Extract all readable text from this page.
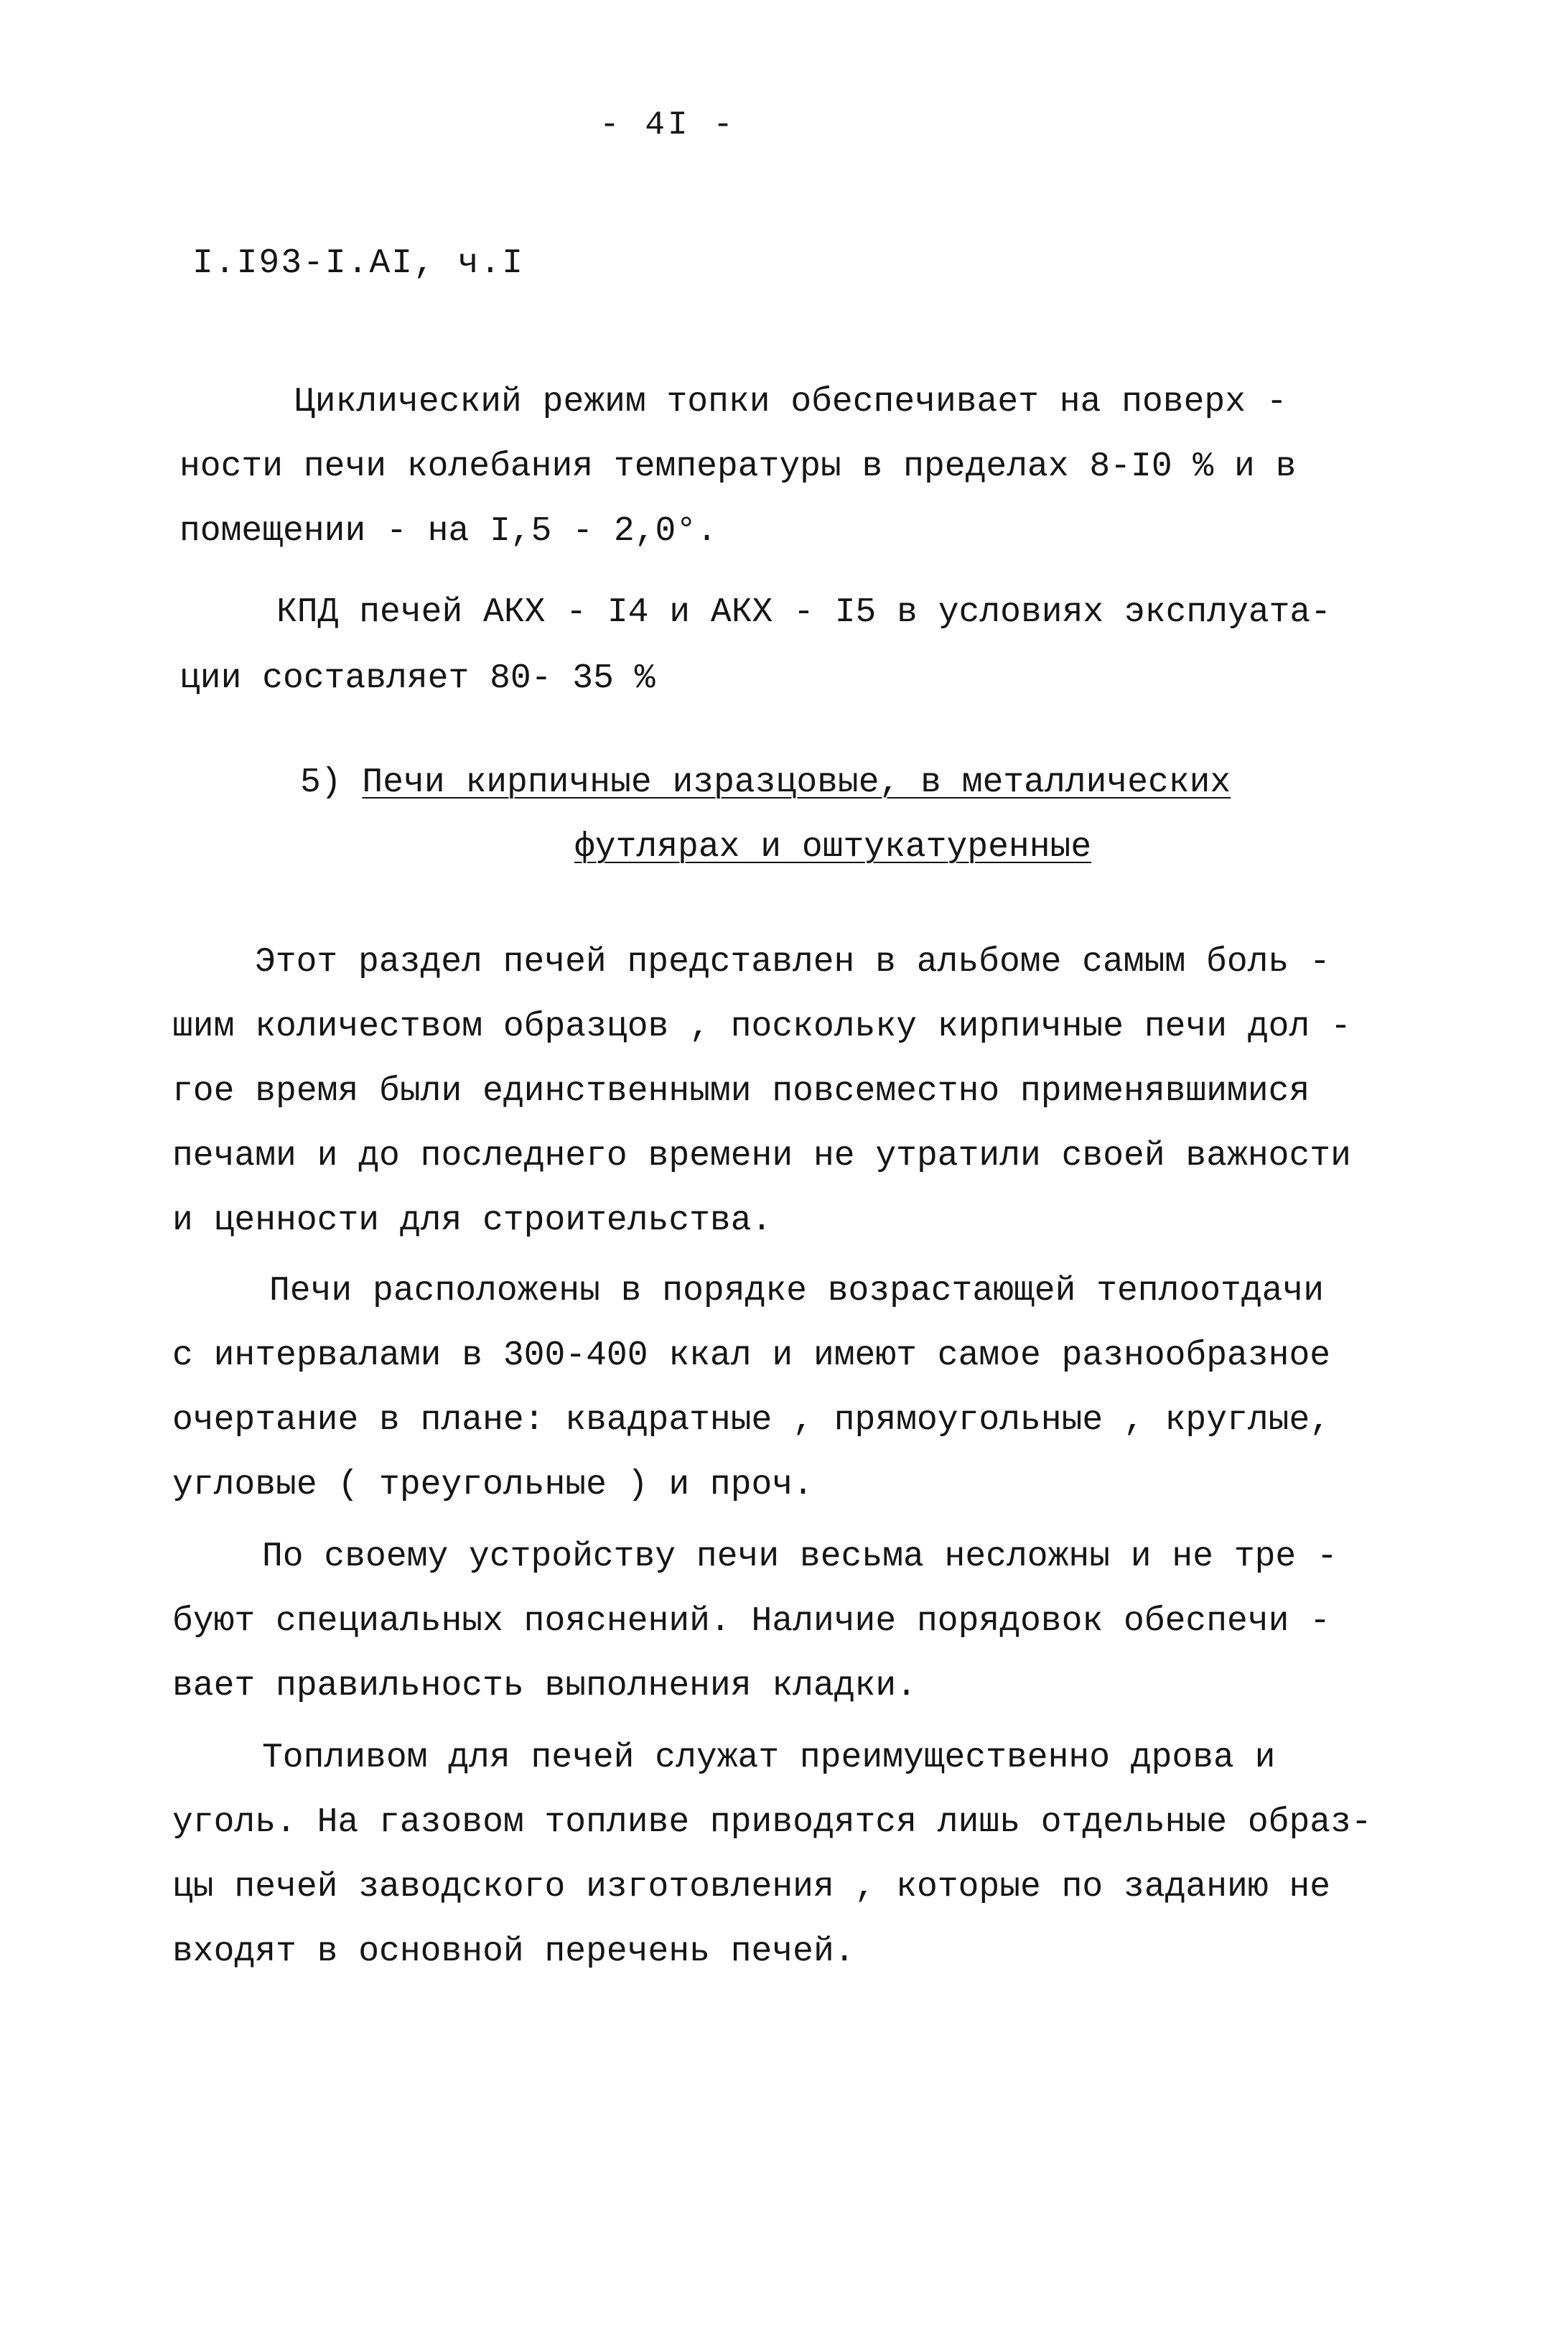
- 4I -
I.I93-I.AI, ч.I
Циклический режим топки обеспечивает на поверх -
ности печи колебания температуры в пределах 8-I0 % и в
помещении - на I,5 - 2,0°.
КПД печей АКХ - I4 и АКХ - I5 в условиях эксплуата-
ции составляет 80- 35 %
5) Печи кирпичные изразцовые, в металлических
футлярах и оштукатуренные
Этот раздел печей представлен в альбоме самым боль -
шим количеством образцов , поскольку кирпичные печи дол -
гое время были единственными повсеместно применявшимися
печами и до последнего времени не утратили своей важности
и ценности для строительства.
Печи расположены в порядке возрастающей теплоотдачи
с интервалами в 300-400 ккал и имеют самое разнообразное
очертание в плане: квадратные , прямоугольные , круглые,
угловые ( треугольные ) и проч.
По своему устройству печи весьма несложны и не тре -
буют специальных пояснений. Наличие порядовок обеспечи -
вает правильность выполнения кладки.
Топливом для печей служат преимущественно дрова и
уголь. На газовом топливе приводятся лишь отдельные образ-
цы печей заводского изготовления , которые по заданию не
входят в основной перечень печей.
